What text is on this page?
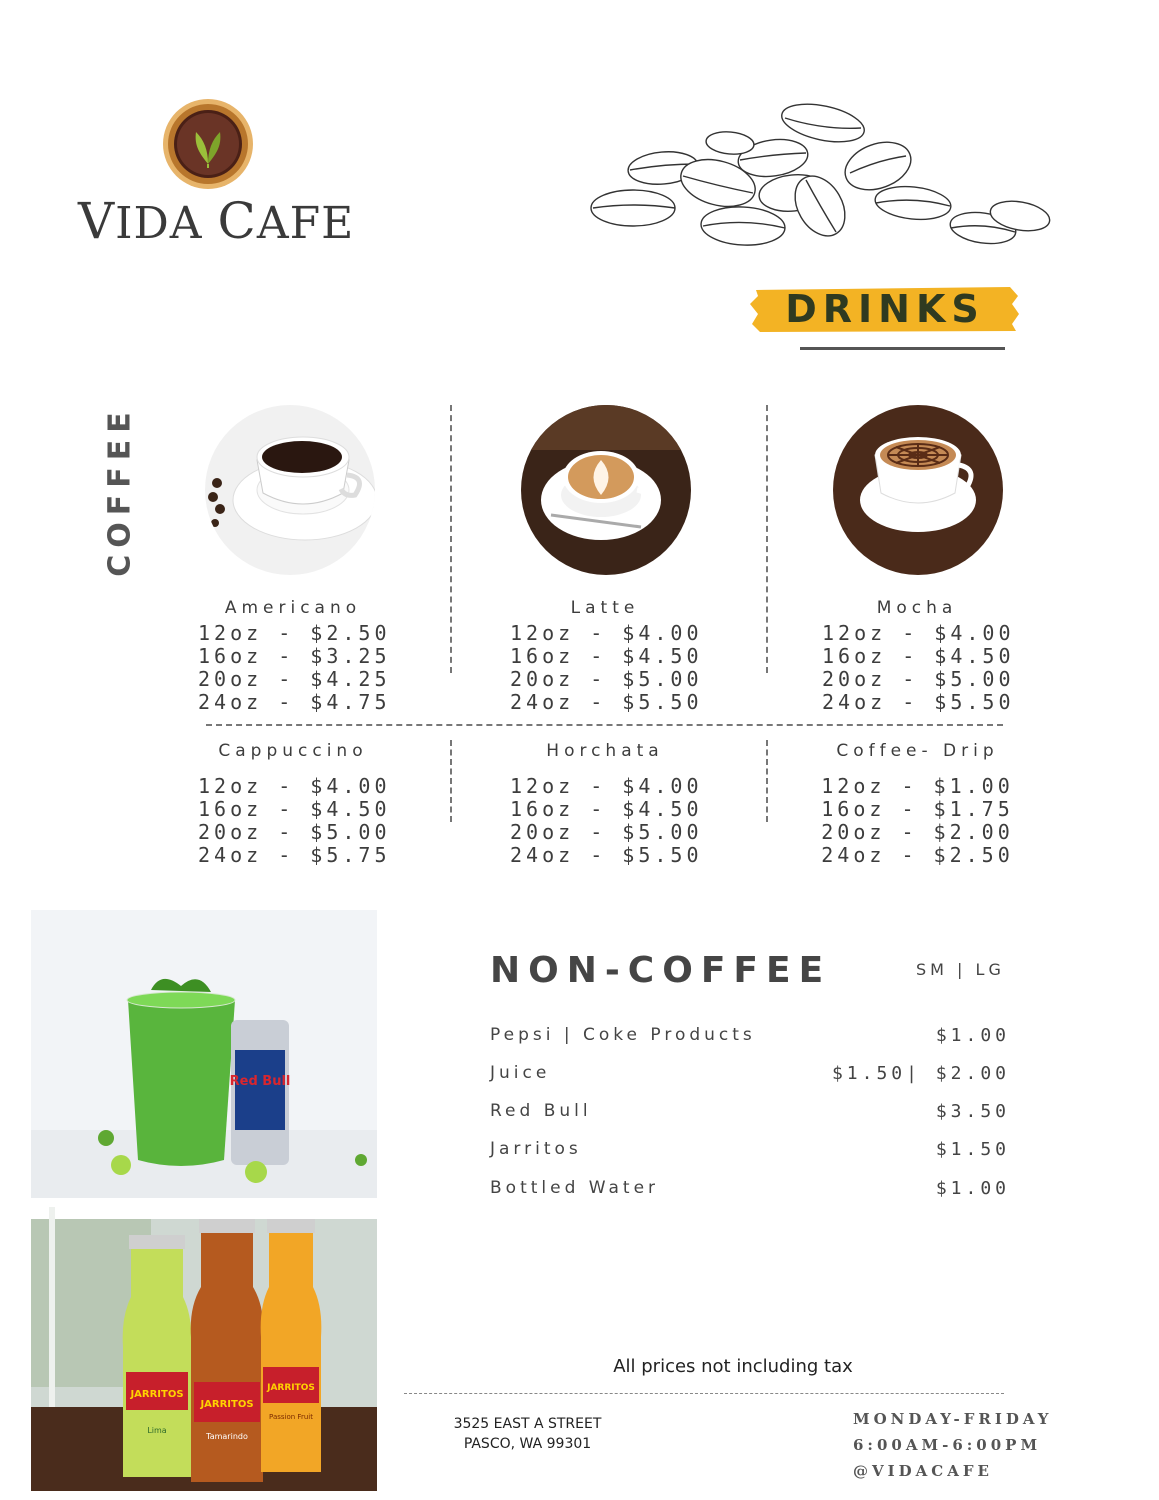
VIDA CAFE
DRINKS
COFFEE
Americano
12oz - $2.50
16oz - $3.25
20oz - $4.25
24oz - $4.75
Latte
12oz - $4.00
16oz - $4.50
20oz - $5.00
24oz - $5.50
Mocha
12oz - $4.00
16oz - $4.50
20oz - $5.00
24oz - $5.50
Cappuccino
12oz - $4.00
16oz - $4.50
20oz - $5.00
24oz - $5.75
Horchata
12oz - $4.00
16oz - $4.50
20oz - $5.00
24oz - $5.50
Coffee- Drip
12oz - $1.00
16oz - $1.75
20oz - $2.00
24oz - $2.50
Red Bull
JARRITOS
Lima
JARRITOS
Tamarindo
JARRITOS
Passion Fruit
NON-COFFEE	SM | LG
Pepsi | Coke Products	$1.00
Juice	$1.50| $2.00
Red Bull	$3.50
Jarritos	$1.50
Bottled Water	$1.00
All prices not including tax
3525 EAST A STREET
PASCO, WA 99301
MONDAY-FRIDAY
6:00AM-6:00PM
@VIDACAFE
